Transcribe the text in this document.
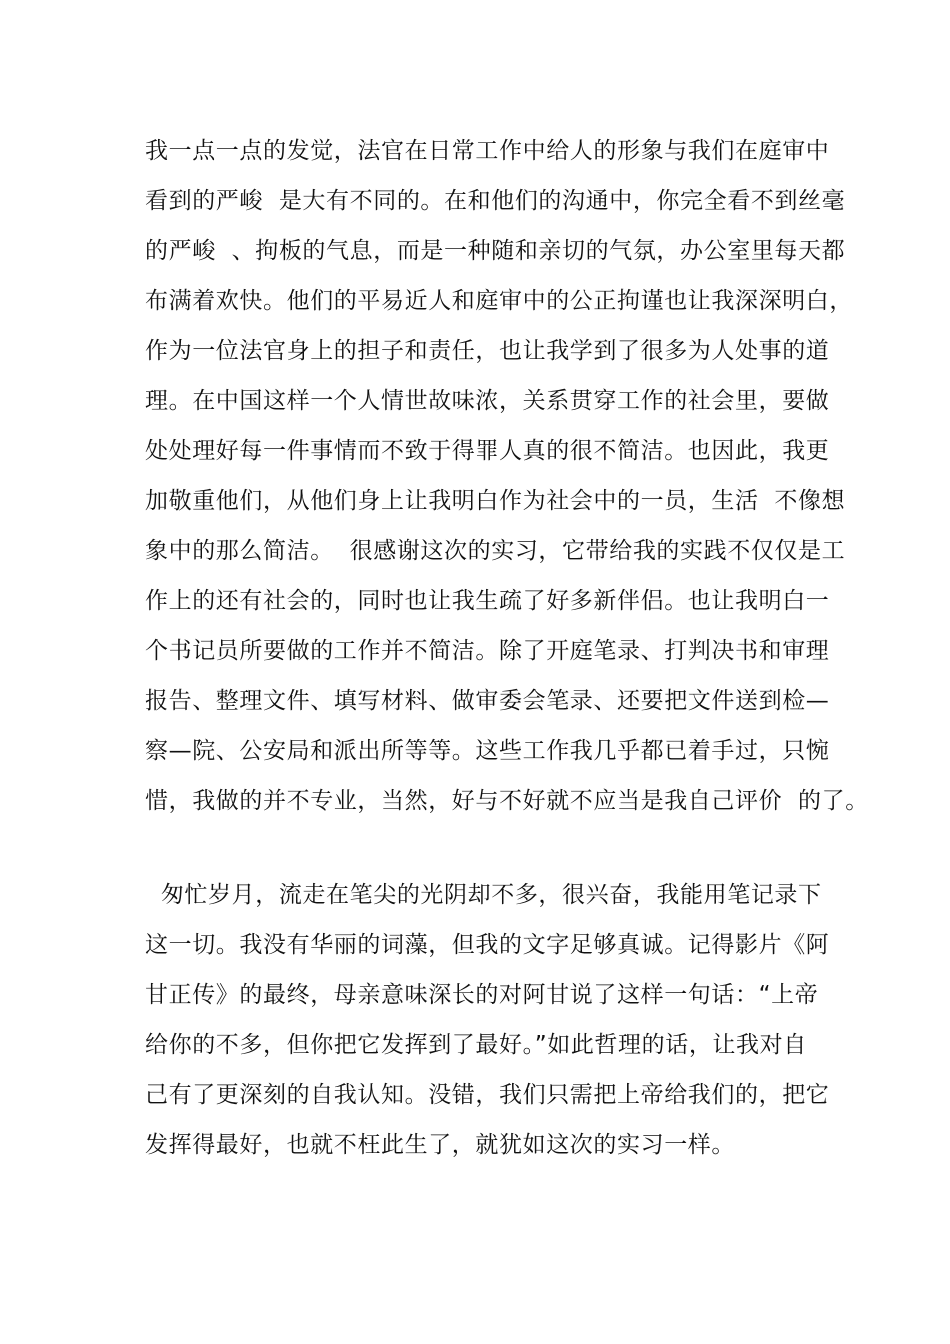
我一点一点的发觉，法官在日常工作中给人的形象与我们在庭审中
看到的严峻  是大有不同的。在和他们的沟通中，你完全看不到丝毫
的严峻  、拘板的气息，而是一种随和亲切的气氛，办公室里每天都
布满着欢快。他们的平易近人和庭审中的公正拘谨也让我深深明白，
作为一位法官身上的担子和责任，也让我学到了很多为人处事的道
理。在中国这样一个人情世故味浓，关系贯穿工作的社会里，要做
处处理好每一件事情而不致于得罪人真的很不简洁。也因此，我更
加敬重他们，从他们身上让我明白作为社会中的一员，生活  不像想
象中的那么简洁。  很感谢这次的实习，它带给我的实践不仅仅是工
作上的还有社会的，同时也让我生疏了好多新伴侣。也让我明白一
个书记员所要做的工作并不简洁。除了开庭笔录、打判决书和审理
报告、整理文件、填写材料、做审委会笔录、还要把文件送到检—
察—院、公安局和派出所等等。这些工作我几乎都已着手过，只惋
惜，我做的并不专业，当然，好与不好就不应当是我自己评价  的了。
匆忙岁月，流走在笔尖的光阴却不多，很兴奋，我能用笔记录下
这一切。我没有华丽的词藻，但我的文字足够真诚。记得影片《阿
甘正传》的最终，母亲意味深长的对阿甘说了这样一句话：“上帝
给你的不多，但你把它发挥到了最好。”如此哲理的话，让我对自
己有了更深刻的自我认知。没错，我们只需把上帝给我们的，把它
发挥得最好，也就不枉此生了，就犹如这次的实习一样。
